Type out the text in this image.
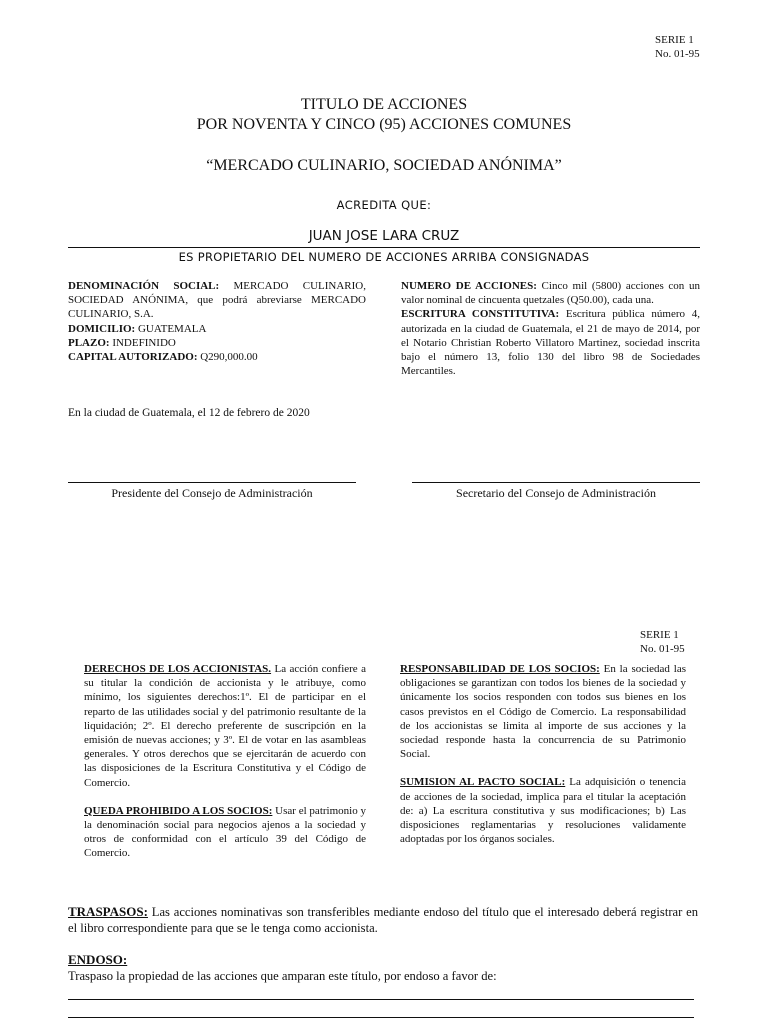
SERIE 1
No. 01-95
TITULO DE ACCIONES
POR NOVENTA Y CINCO (95) ACCIONES COMUNES
“MERCADO CULINARIO, SOCIEDAD ANÓNIMA”
ACREDITA QUE:
JUAN JOSE LARA CRUZ
ES PROPIETARIO DEL NUMERO DE ACCIONES ARRIBA CONSIGNADAS
DENOMINACIÓN SOCIAL: MERCADO CULINARIO, SOCIEDAD ANÓNIMA, que podrá abreviarse MERCADO CULINARIO, S.A.
DOMICILIO: GUATEMALA
PLAZO: INDEFINIDO
CAPITAL AUTORIZADO: Q290,000.00
NUMERO DE ACCIONES: Cinco mil (5800) acciones con un valor nominal de cincuenta quetzales (Q50.00), cada una.
ESCRITURA CONSTITUTIVA: Escritura pública número 4, autorizada en la ciudad de Guatemala, el 21 de mayo de 2014, por el Notario Christian Roberto Villatoro Martinez, sociedad inscrita bajo el número 13, folio 130 del libro 98 de Sociedades Mercantiles.
En la ciudad de Guatemala, el 12 de febrero de 2020
Presidente del Consejo de Administración	Secretario del Consejo de Administración
SERIE 1
No. 01-95
DERECHOS DE LOS ACCIONISTAS. La acción confiere a su titular la condición de accionista y le atribuye, como mínimo, los siguientes derechos:1º. El de participar en el reparto de las utilidades social y del patrimonio resultante de la liquidación; 2º. El derecho preferente de suscripción en la emisión de nuevas acciones; y 3º. El de votar en las asambleas generales. Y otros derechos que se ejercitarán de acuerdo con las disposiciones de la Escritura Constitutiva y el Código de Comercio.
QUEDA PROHIBIDO A LOS SOCIOS: Usar el patrimonio y la denominación social para negocios ajenos a la sociedad y otros de conformidad con el artículo 39 del Código de Comercio.
RESPONSABILIDAD DE LOS SOCIOS: En la sociedad las obligaciones se garantizan con todos los bienes de la sociedad y únicamente los socios responden con todos sus bienes en los casos previstos en el Código de Comercio. La responsabilidad de los accionistas se limita al importe de sus acciones y la sociedad responde hasta la concurrencia de su Patrimonio Social.
SUMISION AL PACTO SOCIAL: La adquisición o tenencia de acciones de la sociedad, implica para el titular la aceptación de: a) La escritura constitutiva y sus modificaciones; b) Las disposiciones reglamentarias y resoluciones validamente adoptadas por los órganos sociales.
TRASPASOS: Las acciones nominativas son transferibles mediante endoso del título que el interesado deberá registrar en el libro correspondiente para que se le tenga como accionista.
ENDOSO:
Traspaso la propiedad de las acciones que amparan este título, por endoso a favor de:
